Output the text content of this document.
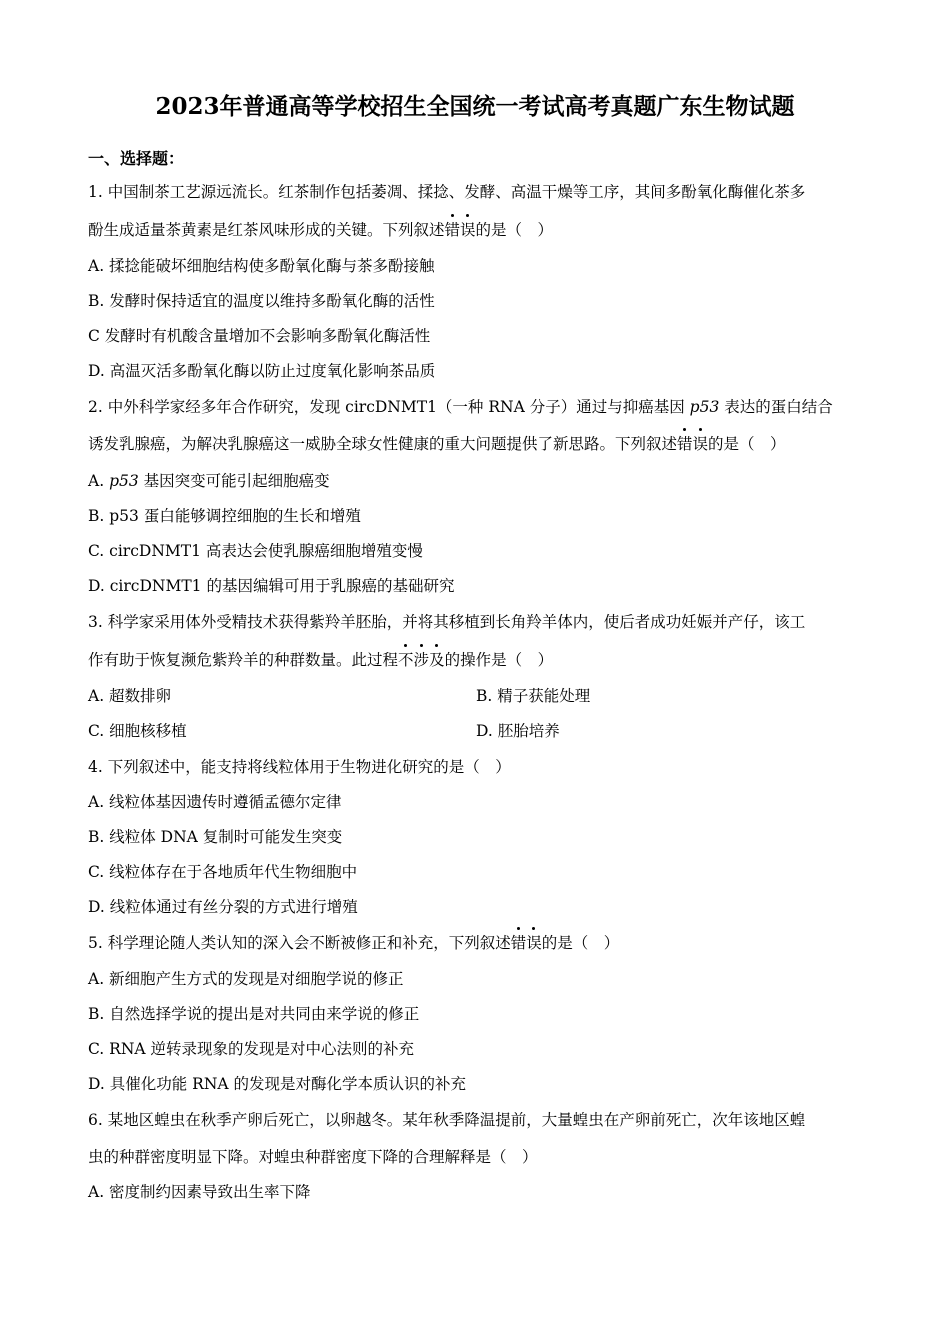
2023年普通高等学校招生全国统一考试高考真题广东生物试题
一、选择题：
1. 中国制茶工艺源远流长。红茶制作包括萎凋、揉捻、发酵、高温干燥等工序，其间多酚氧化酶催化茶多
酚生成适量茶黄素是红茶风味形成的关键。下列叙述错误的是（　）
A. 揉捻能破坏细胞结构使多酚氧化酶与茶多酚接触
B. 发酵时保持适宜的温度以维持多酚氧化酶的活性
C 发酵时有机酸含量增加不会影响多酚氧化酶活性
D. 高温灭活多酚氧化酶以防止过度氧化影响茶品质
2. 中外科学家经多年合作研究，发现 circDNMT1（一种 RNA 分子）通过与抑癌基因 p53 表达的蛋白结合
诱发乳腺癌，为解决乳腺癌这一威胁全球女性健康的重大问题提供了新思路。下列叙述错误的是（　）
A. p53 基因突变可能引起细胞癌变
B. p53 蛋白能够调控细胞的生长和增殖
C. circDNMT1 高表达会使乳腺癌细胞增殖变慢
D. circDNMT1 的基因编辑可用于乳腺癌的基础研究
3. 科学家采用体外受精技术获得紫羚羊胚胎，并将其移植到长角羚羊体内，使后者成功妊娠并产仔，该工
作有助于恢复濒危紫羚羊的种群数量。此过程不涉及的操作是（　）
A. 超数排卵	B. 精子获能处理
C. 细胞核移植	D. 胚胎培养
4. 下列叙述中，能支持将线粒体用于生物进化研究的是（　）
A. 线粒体基因遗传时遵循孟德尔定律
B. 线粒体 DNA 复制时可能发生突变
C. 线粒体存在于各地质年代生物细胞中
D. 线粒体通过有丝分裂的方式进行增殖
5. 科学理论随人类认知的深入会不断被修正和补充，下列叙述错误的是（　）
A. 新细胞产生方式的发现是对细胞学说的修正
B. 自然选择学说的提出是对共同由来学说的修正
C. RNA 逆转录现象的发现是对中心法则的补充
D. 具催化功能 RNA 的发现是对酶化学本质认识的补充
6. 某地区蝗虫在秋季产卵后死亡，以卵越冬。某年秋季降温提前，大量蝗虫在产卵前死亡，次年该地区蝗
虫的种群密度明显下降。对蝗虫种群密度下降的合理解释是（　）
A. 密度制约因素导致出生率下降
